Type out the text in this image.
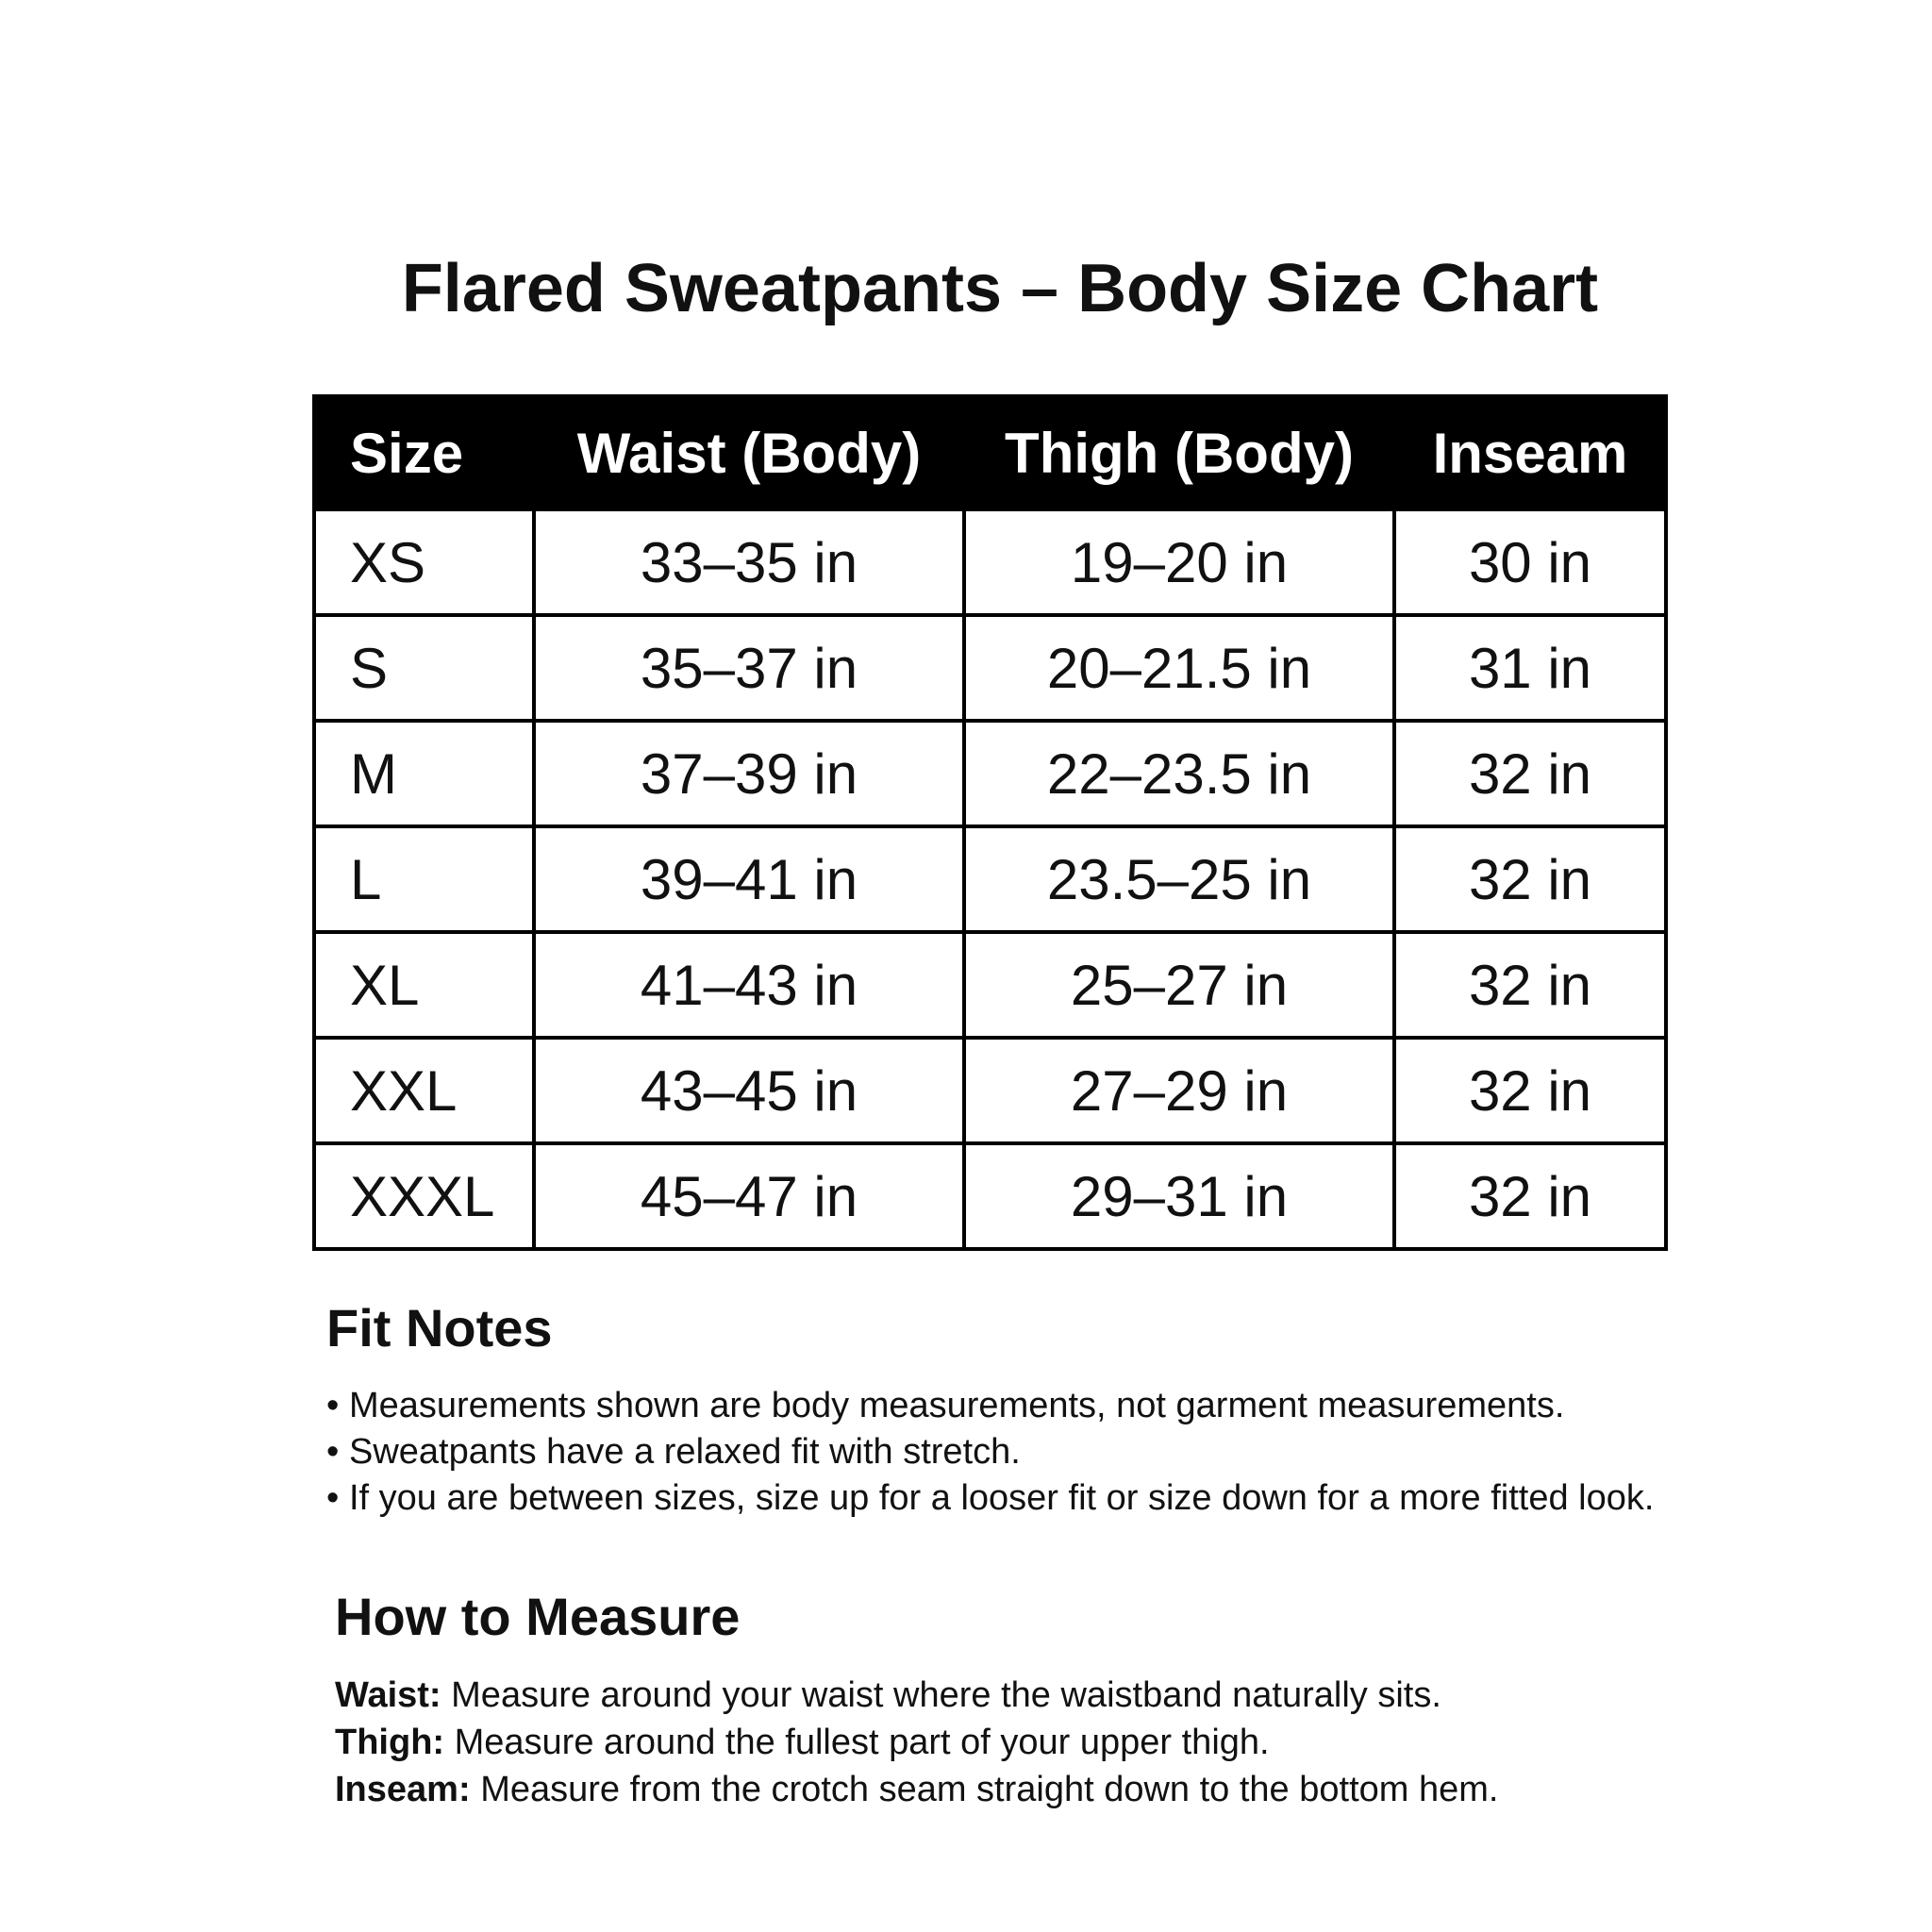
Flared Sweatpants – Body Size Chart
Size	Waist (Body)	Thigh (Body)	Inseam
XS	33–35 in	19–20 in	30 in
S	35–37 in	20–21.5 in	31 in
M	37–39 in	22–23.5 in	32 in
L	39–41 in	23.5–25 in	32 in
XL	41–43 in	25–27 in	32 in
XXL	43–45 in	27–29 in	32 in
XXXL	45–47 in	29–31 in	32 in
Fit Notes
• Measurements shown are body measurements, not garment measurements.
• Sweatpants have a relaxed fit with stretch.
• If you are between sizes, size up for a looser fit or size down for a more fitted look.
How to Measure
Waist: Measure around your waist where the waistband naturally sits.
Thigh: Measure around the fullest part of your upper thigh.
Inseam: Measure from the crotch seam straight down to the bottom hem.
